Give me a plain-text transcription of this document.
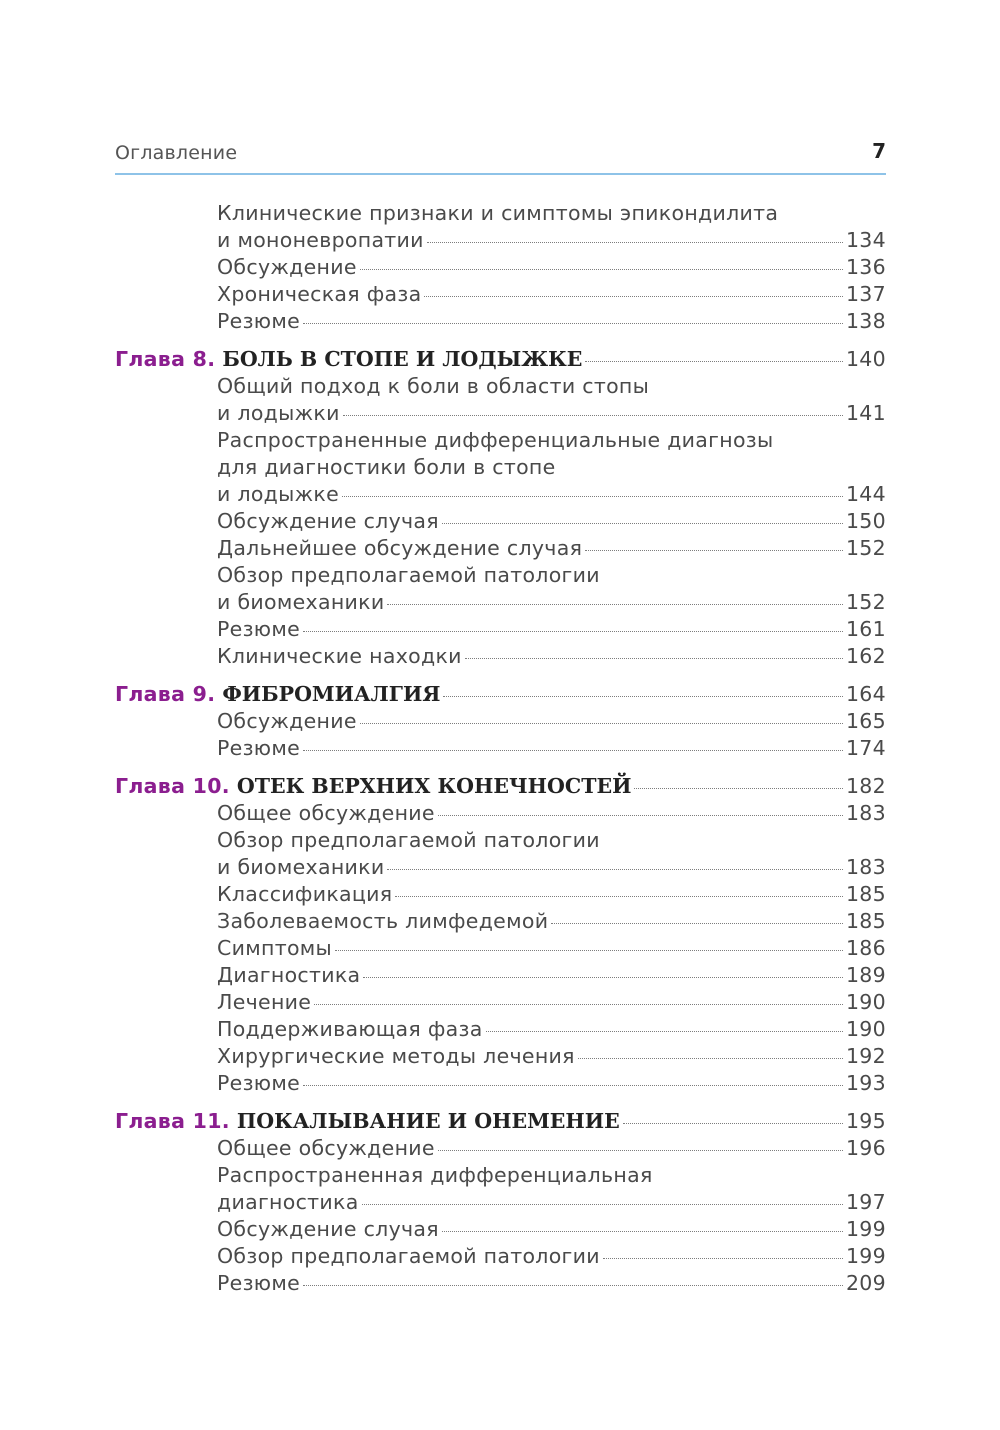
Оглавление	7
Клинические признаки и симптомы эпикондилита
и мононевропатии	134
Обсуждение	136
Хроническая фаза	137
Резюме	138
Глава 8. БОЛЬ В СТОПЕ И ЛОДЫЖКЕ	140
Общий подход к боли в области стопы
и лодыжки	141
Распространенные дифференциальные диагнозы
для диагностики боли в стопе
и лодыжке	144
Обсуждение случая	150
Дальнейшее обсуждение случая	152
Обзор предполагаемой патологии
и биомеханики	152
Резюме	161
Клинические находки	162
Глава 9. ФИБРОМИАЛГИЯ	164
Обсуждение	165
Резюме	174
Глава 10. ОТЕК ВЕРХНИХ КОНЕЧНОСТЕЙ	182
Общее обсуждение	183
Обзор предполагаемой патологии
и биомеханики	183
Классификация	185
Заболеваемость лимфедемой	185
Симптомы	186
Диагностика	189
Лечение	190
Поддерживающая фаза	190
Хирургические методы лечения	192
Резюме	193
Глава 11. ПОКАЛЫВАНИЕ И ОНЕМЕНИЕ	195
Общее обсуждение	196
Распространенная дифференциальная
диагностика	197
Обсуждение случая	199
Обзор предполагаемой патологии	199
Резюме	209
